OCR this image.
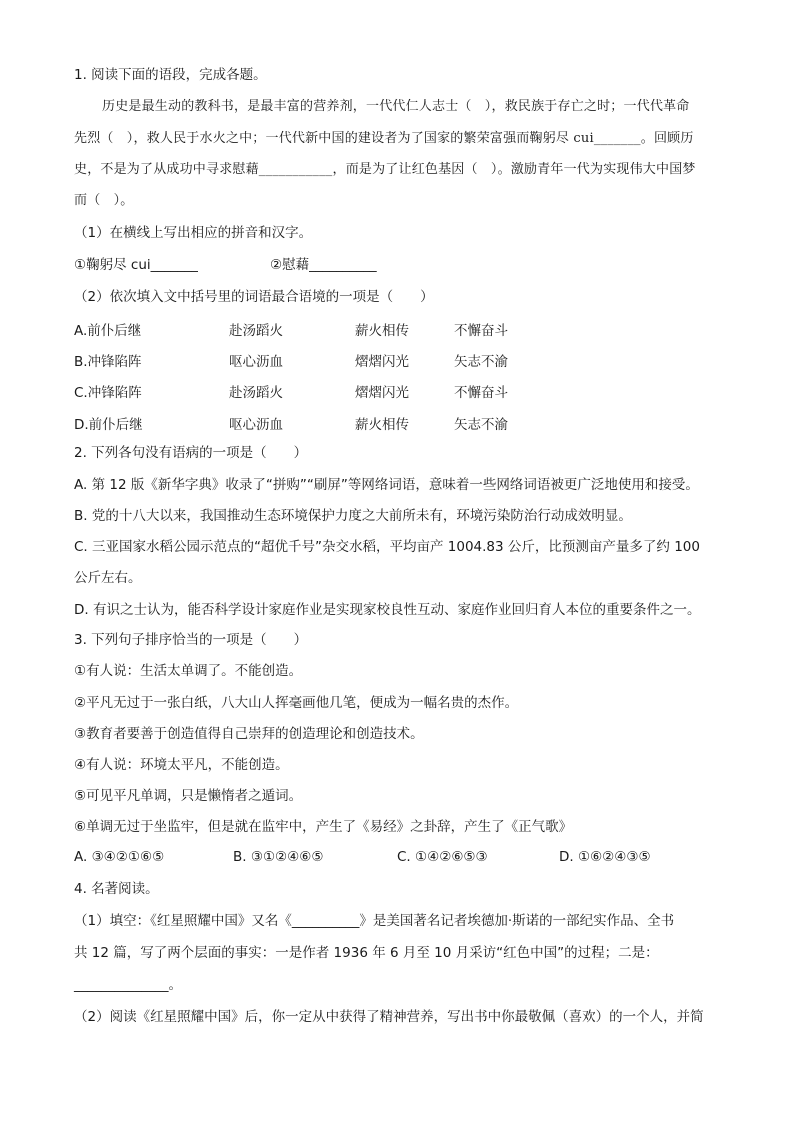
1. 阅读下面的语段，完成各题。
历史是最生动的教科书，是最丰富的营养剂，一代代仁人志士（　），救民族于存亡之时；一代代革命
先烈（　），救人民于水火之中；一代代新中国的建设者为了国家的繁荣富强而鞠躬尽 cui_______。回顾历
史，不是为了从成功中寻求慰藉___________，而是为了让红色基因（　）。激励青年一代为实现伟大中国梦
而（　）。
（1）在横线上写出相应的拼音和汉字。
①鞠躬尽 cui_______	②慰藉__________
（2）依次填入文中括号里的词语最合语境的一项是（　　）
A.前仆后继	赴汤蹈火	薪火相传	不懈奋斗
B.冲锋陷阵	呕心沥血	熠熠闪光	矢志不渝
C.冲锋陷阵	赴汤蹈火	熠熠闪光	不懈奋斗
D.前仆后继	呕心沥血	薪火相传	矢志不渝
2. 下列各句没有语病的一项是（　　）
A. 第 12 版《新华字典》收录了“拼购”“刷屏”等网络词语，意味着一些网络词语被更广泛地使用和接受。
B. 党的十八大以来，我国推动生态环境保护力度之大前所未有，环境污染防治行动成效明显。
C. 三亚国家水稻公园示范点的“超优千号”杂交水稻，平均亩产 1004.83 公斤，比预测亩产量多了约 100
公斤左右。
D. 有识之士认为，能否科学设计家庭作业是实现家校良性互动、家庭作业回归育人本位的重要条件之一。
3. 下列句子排序恰当的一项是（　　）
①有人说：生活太单调了。不能创造。
②平凡无过于一张白纸，八大山人挥毫画他几笔，便成为一幅名贵的杰作。
③教育者要善于创造值得自己崇拜的创造理论和创造技术。
④有人说：环境太平凡，不能创造。
⑤可见平凡单调，只是懒惰者之遁词。
⑥单调无过于坐监牢，但是就在监牢中，产生了《易经》之卦辞，产生了《正气歌》
A. ③④②①⑥⑤	B. ③①②④⑥⑤	C. ①④②⑥⑤③	D. ①⑥②④③⑤
4. 名著阅读。
（1）填空：《红星照耀中国》又名《__________》是美国著名记者埃德加·斯诺的一部纪实作品、全书
共 12 篇，写了两个层面的事实：一是作者 1936 年 6 月至 10 月采访“红色中国”的过程；二是：
______________。
（2）阅读《红星照耀中国》后，你一定从中获得了精神营养，写出书中你最敬佩（喜欢）的一个人，并简
